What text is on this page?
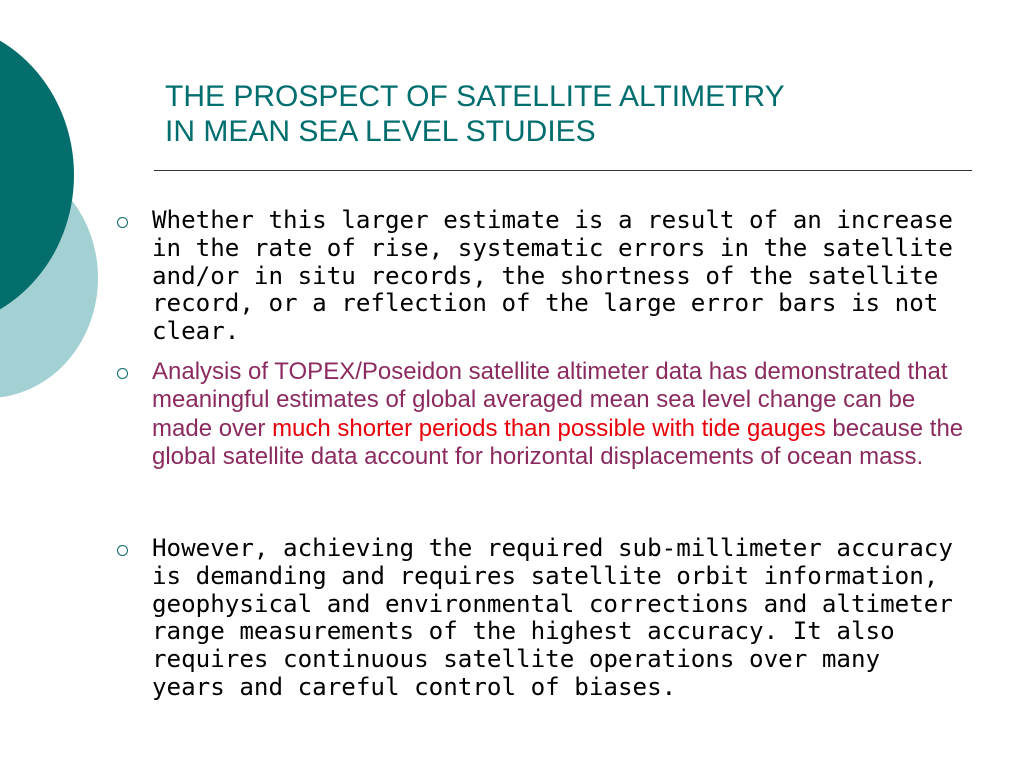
THE PROSPECT OF SATELLITE ALTIMETRY
IN MEAN SEA LEVEL STUDIES

Whether this larger estimate is a result of an increase in the rate of rise, systematic errors in the satellite and/or in situ records, the shortness of the satellite record, or a reflection of the large error bars is not clear.

Analysis of TOPEX/Poseidon satellite altimeter data has demonstrated that meaningful estimates of global averaged mean sea level change can be made over much shorter periods than possible with tide gauges because the global satellite data account for horizontal displacements of ocean mass.

However, achieving the required sub-millimeter accuracy is demanding and requires satellite orbit information, geophysical and environmental corrections and altimeter range measurements of the highest accuracy. It also requires continuous satellite operations over many years and careful control of biases.
